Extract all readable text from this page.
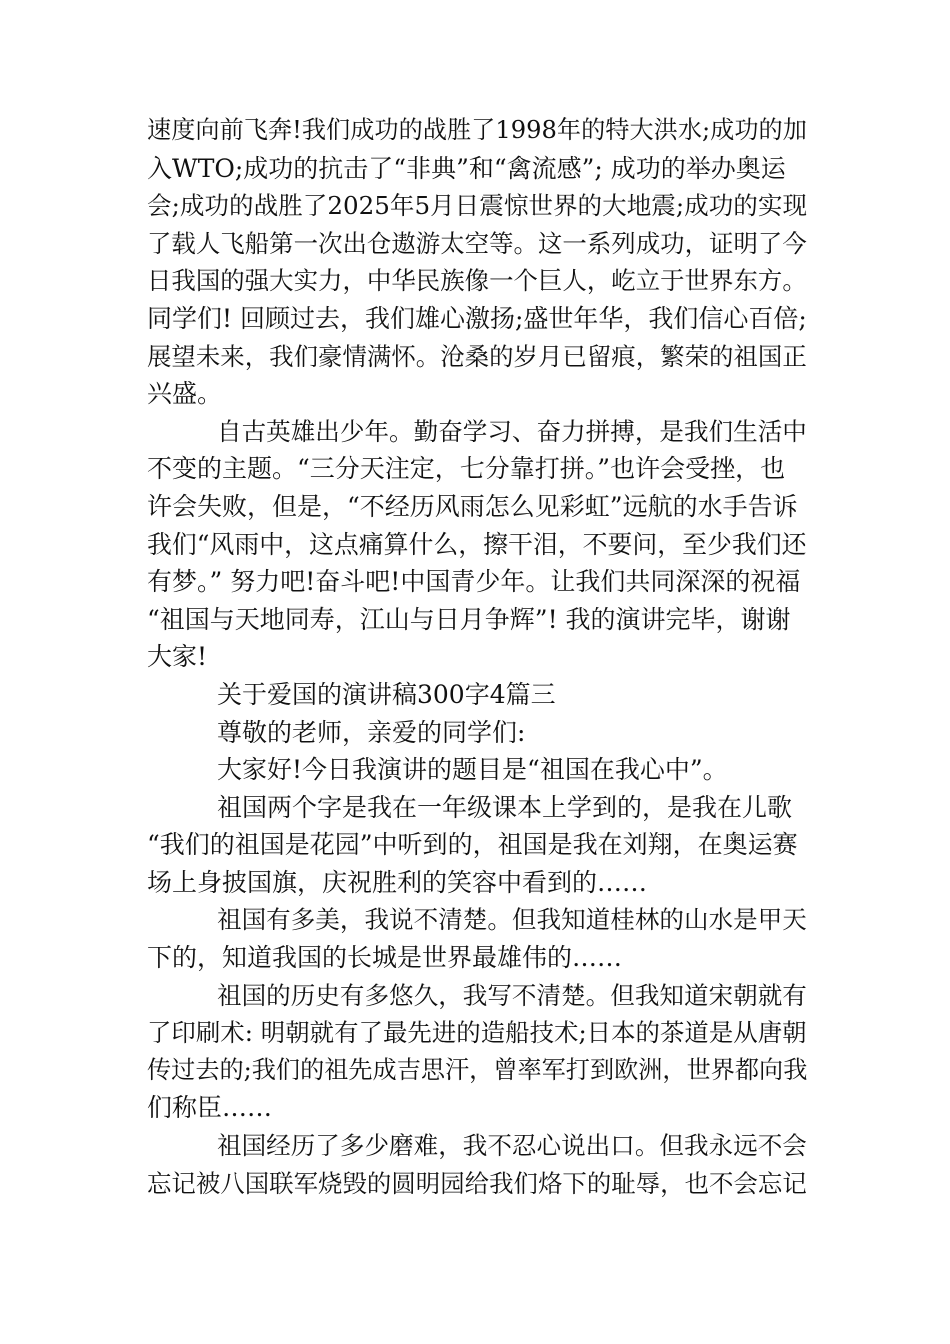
速度向前飞奔!我们成功的战胜了1998年的特大洪水;成功的加
入WTO;成功的抗击了“非典”和“禽流感”; 成功的举办奥运
会;成功的战胜了2025年5月日震惊世界的大地震;成功的实现
了载人飞船第一次出仓遨游太空等。这一系列成功，证明了今
日我国的强大实力，中华民族像一个巨人，屹立于世界东方。
同学们! 回顾过去，我们雄心激扬;盛世年华，我们信心百倍;
展望未来，我们豪情满怀。沧桑的岁月已留痕，繁荣的祖国正
兴盛。
自古英雄出少年。勤奋学习、奋力拼搏，是我们生活中
不变的主题。“三分天注定，七分靠打拼。”也许会受挫，也
许会失败，但是，“不经历风雨怎么见彩虹”远航的水手告诉
我们“风雨中，这点痛算什么，擦干泪，不要问，至少我们还
有梦。” 努力吧!奋斗吧!中国青少年。让我们共同深深的祝福
“祖国与天地同寿，江山与日月争辉”! 我的演讲完毕，谢谢
大家!
关于爱国的演讲稿300字4篇三
尊敬的老师，亲爱的同学们:
大家好!今日我演讲的题目是“祖国在我心中”。
祖国两个字是我在一年级课本上学到的，是我在儿歌
“我们的祖国是花园”中听到的，祖国是我在刘翔，在奥运赛
场上身披国旗，庆祝胜利的笑容中看到的……
祖国有多美，我说不清楚。但我知道桂林的山水是甲天
下的，知道我国的长城是世界最雄伟的……
祖国的历史有多悠久，我写不清楚。但我知道宋朝就有
了印刷术: 明朝就有了最先进的造船技术;日本的茶道是从唐朝
传过去的;我们的祖先成吉思汗，曾率军打到欧洲，世界都向我
们称臣……
祖国经历了多少磨难，我不忍心说出口。但我永远不会
忘记被八国联军烧毁的圆明园给我们烙下的耻辱，也不会忘记
